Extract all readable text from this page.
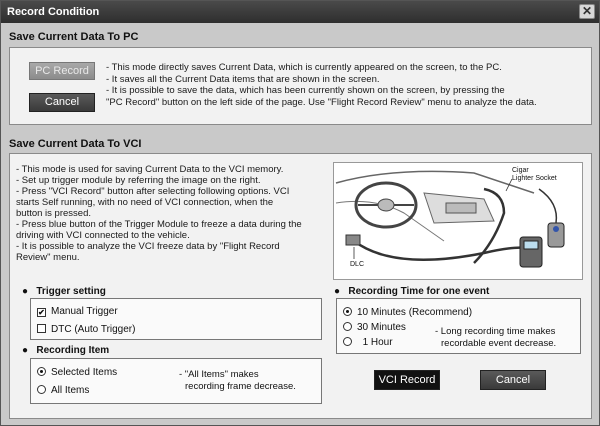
Record Condition	✕
Save Current Data To PC
PC Record
Cancel
- This mode directly saves Current Data, which is currently appeared on the screen, to the PC.
- It saves all the Current Data items that are shown in the screen.
- It is possible to save the data, which has been currently shown on the screen, by pressing the
"PC Record" button on the left side of the page. Use "Flight Record Review" menu to analyze the data.
Save Current Data To VCI
- This mode is used for saving Current Data to the VCI memory.
- Set up trigger module by referring the image on the right.
- Press "VCI Record" button after selecting following options. VCI
starts Self running, with no need of VCI connection, when the
button is pressed.
- Press blue button of the Trigger Module to freeze a data during the
driving with VCI connected to the vehicle.
- It is possible to analyze the VCI freeze data by "Flight Record
Review" menu.
Cigar
Lighter Socket
DLC
●   Trigger setting
✔ Manual Trigger
DTC (Auto Trigger)
●   Recording Item
Selected Items
All Items
- "All Items" makes
recording frame decrease.
●   Recording Time for one event
10 Minutes (Recommend)
30 Minutes
1 Hour
- Long recording time makes
recordable event decrease.
VCI Record	Cancel
